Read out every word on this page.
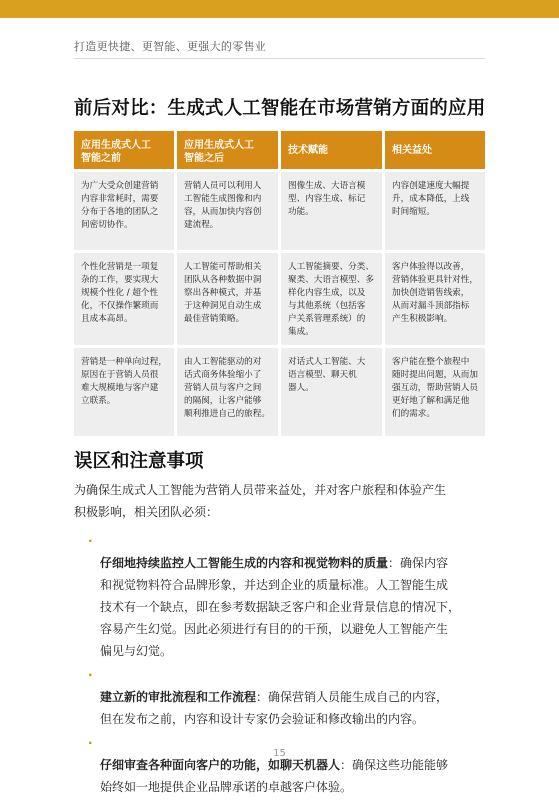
打造更快捷、更智能、更强大的零售业
前后对比：生成式人工智能在市场营销方面的应用
应用生成式人工
智能之前
应用生成式人工
智能之后
技术赋能	相关益处
为广大受众创建营销
内容非常耗时，需要
分布于各地的团队之
间密切协作。
营销人员可以利用人
工智能生成图像和内
容，从而加快内容创
建流程。
图像生成、大语言模
型、内容生成、标记
功能。
内容创建速度大幅提
升，成本降低，上线
时间缩短。
个性化营销是一项复
杂的工作，要实现大
规模个性化 / 超个性
化，不仅操作繁琐而
且成本高昂。
人工智能可帮助相关
团队从各种数据中洞
察出各种模式，并基
于这种洞见自动生成
最佳营销策略。
人工智能摘要、分类、
聚类、大语言模型、多
样化内容生成，以及
与其他系统（包括客
户关系管理系统）的
集成。
客户体验得以改善，
营销体验更具针对性，
加快创造销售线索，
从而对漏斗顶部指标
产生积极影响。
营销是一种单向过程，
原因在于营销人员很
难大规模地与客户建
立联系。
由人工智能驱动的对
话式商务体验缩小了
营销人员与客户之间
的隔阂，让客户能够
顺利推进自己的旅程。
对话式人工智能、大
语言模型、聊天机
器人。
客户能在整个旅程中
随时提出问题，从而加
强互动，帮助营销人员
更好地了解和满足他
们的需求。
误区和注意事项
为确保生成式人工智能为营销人员带来益处，并对客户旅程和体验产生
积极影响，相关团队必须：

·
仔细地持续监控人工智能生成的内容和视觉物料的质量：确保内容
和视觉物料符合品牌形象，并达到企业的质量标准。人工智能生成
技术有一个缺点，即在参考数据缺乏客户和企业背景信息的情况下，
容易产生幻觉。因此必须进行有目的的干预，以避免人工智能产生
偏见与幻觉。

·
建立新的审批流程和工作流程：确保营销人员能生成自己的内容，
但在发布之前，内容和设计专家仍会验证和修改输出的内容。

·
仔细审查各种面向客户的功能，如聊天机器人：确保这些功能能够
始终如一地提供企业品牌承诺的卓越客户体验。

15
